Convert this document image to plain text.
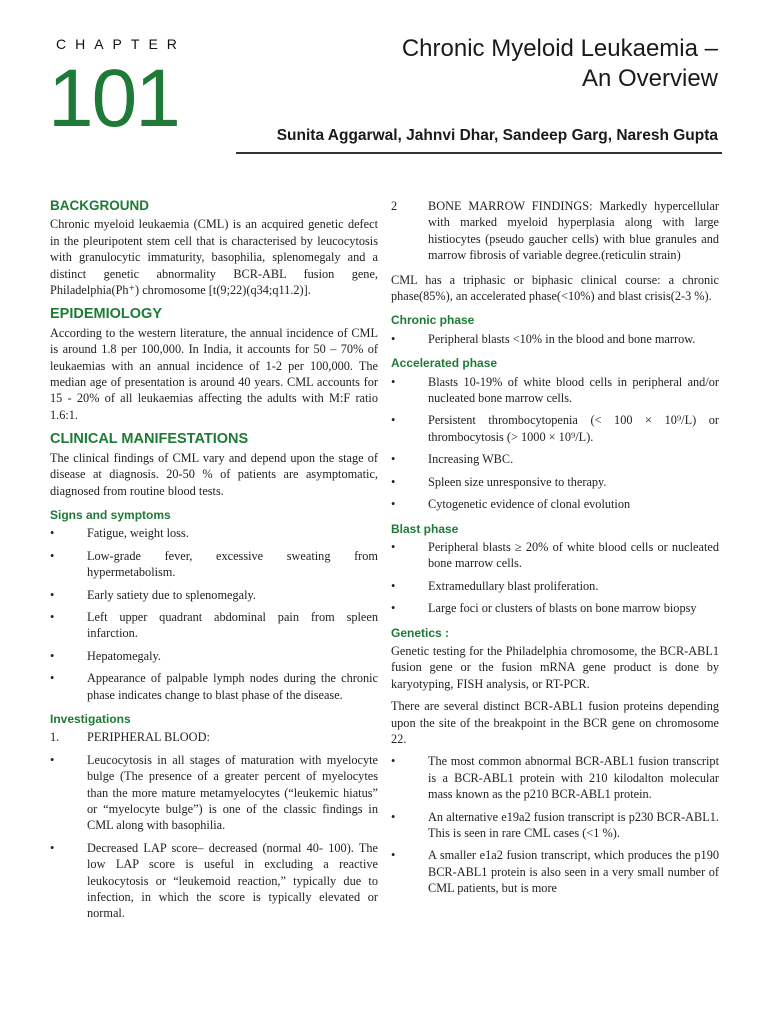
CHAPTER
101
Chronic Myeloid Leukaemia –
An Overview
Sunita Aggarwal, Jahnvi Dhar, Sandeep Garg, Naresh Gupta
BACKGROUND

Chronic myeloid leukaemia (CML) is an acquired genetic defect in the pleuripotent stem cell that is characterised by leucocytosis with granulocytic immaturity, basophilia, splenomegaly and a distinct genetic abnormality BCR-ABL fusion gene, Philadelphia(Ph⁺) chromosome [t(9;22)(q34;q11.2)].

EPIDEMIOLOGY

According to the western literature, the annual incidence of CML is around 1.8 per 100,000. In India, it accounts for 50 – 70% of leukaemias with an annual incidence of 1-2 per 100,000. The median age of presentation is around 40 years. CML accounts for 15 - 20% of all leukaemias affecting the adults with M:F ratio 1.6:1.

CLINICAL MANIFESTATIONS

The clinical findings of CML vary and depend upon the stage of disease at diagnosis. 20-50 % of patients are asymptomatic, diagnosed from routine blood tests.

Signs and symptoms
•	Fatigue, weight loss.
•	Low-grade fever, excessive sweating from hypermetabolism.
•	Early satiety due to splenomegaly.
•	Left upper quadrant abdominal pain from spleen infarction.
•	Hepatomegaly.
•	Appearance of palpable lymph nodes during the chronic phase indicates change to blast phase of the disease.
Investigations
1.	PERIPHERAL BLOOD:
•	Leucocytosis in all stages of maturation with myelocyte bulge (The presence of a greater percent of myelocytes than the more mature metamyelocytes (“leukemic hiatus” or “myelocyte bulge”) is one of the classic findings in CML along with basophilia.
•	Decreased LAP score– decreased (normal 40- 100). The low LAP score is useful in excluding a reactive leukocytosis or “leukemoid reaction,” typically due to infection, in which the score is typically elevated or normal.
2	BONE MARROW FINDINGS: Markedly hypercellular with marked myeloid hyperplasia along with large histiocytes (pseudo gaucher cells) with blue granules and marrow fibrosis of variable degree.(reticulin strain)

CML has a triphasic or biphasic clinical course: a chronic phase(85%), an accelerated phase(<10%) and blast crisis(2-3 %).

Chronic phase
•	Peripheral blasts <10% in the blood and bone marrow.
Accelerated phase
•	Blasts 10-19% of white blood cells in peripheral and/or nucleated bone marrow cells.
•	Persistent thrombocytopenia (< 100 × 10⁹/L) or thrombocytosis (> 1000 × 10⁹/L).
•	Increasing WBC.
•	Spleen size unresponsive to therapy.
•	Cytogenetic evidence of clonal evolution
Blast phase
•	Peripheral blasts ≥ 20% of white blood cells or nucleated bone marrow cells.
•	Extramedullary blast proliferation.
•	Large foci or clusters of blasts on bone marrow biopsy
Genetics :

Genetic testing for the Philadelphia chromosome, the BCR-ABL1 fusion gene or the fusion mRNA gene product is done by karyotyping, FISH analysis, or RT-PCR.

There are several distinct BCR-ABL1 fusion proteins depending upon the site of the breakpoint in the BCR gene on chromosome 22.

•	The most common abnormal BCR-ABL1 fusion transcript is a BCR-ABL1 protein with 210 kilodalton molecular mass known as the p210 BCR-ABL1 protein.
•	An alternative e19a2 fusion transcript is p230 BCR-ABL1. This is seen in rare CML cases (<1 %).
•	A smaller e1a2 fusion transcript, which produces the p190 BCR-ABL1 protein is also seen in a very small number of CML patients, but is more
